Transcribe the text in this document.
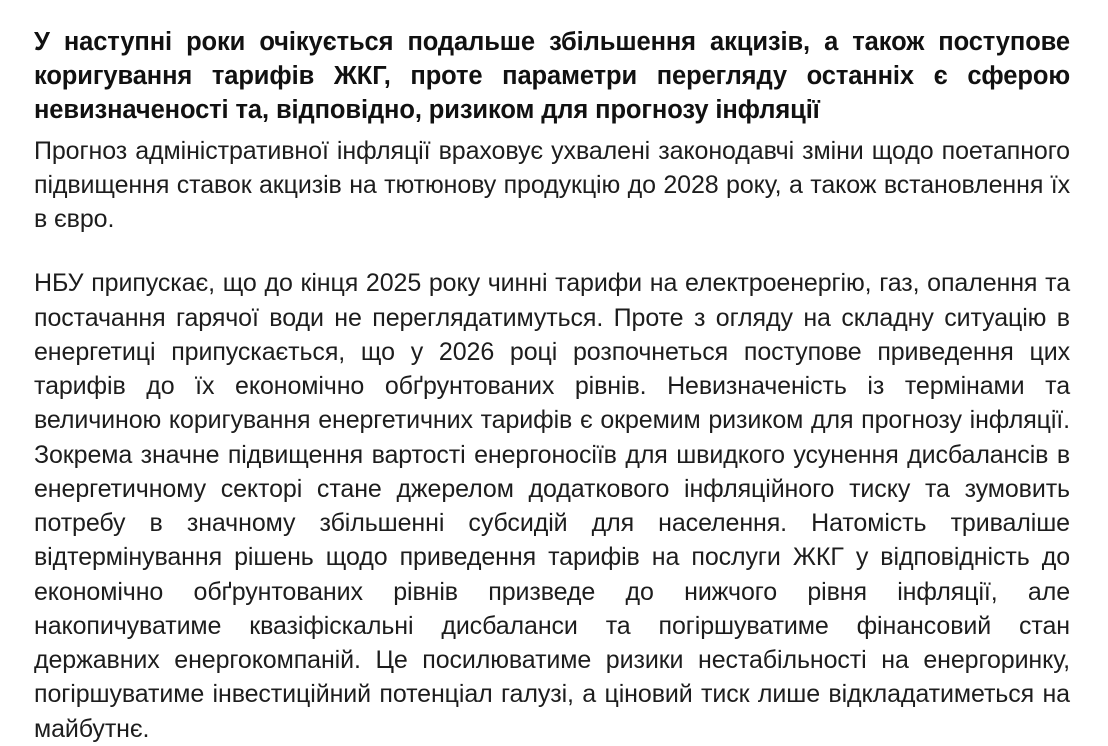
У наступні роки очікується подальше збільшення акцизів, а також поступове коригування тарифів ЖКГ, проте параметри перегляду останніх є сферою невизначеності та, відповідно, ризиком для прогнозу інфляції

Прогноз адміністративної інфляції враховує ухвалені законодавчі зміни щодо поетапного підвищення ставок акцизів на тютюнову продукцію до 2028 року, а також встановлення їх в євро.

НБУ припускає, що до кінця 2025 року чинні тарифи на електроенергію, газ, опалення та постачання гарячої води не переглядатимуться. Проте з огляду на складну ситуацію в енергетиці припускається, що у 2026 році розпочнеться поступове приведення цих тарифів до їх економічно обґрунтованих рівнів. Невизначеність із термінами та величиною коригування енергетичних тарифів є окремим ризиком для прогнозу інфляції. Зокрема значне підвищення вартості енергоносіїв для швидкого усунення дисбалансів в енергетичному секторі стане джерелом додаткового інфляційного тиску та зумовить потребу в значному збільшенні субсидій для населення. Натомість триваліше відтермінування рішень щодо приведення тарифів на послуги ЖКГ у відповідність до економічно обґрунтованих рівнів призведе до нижчого рівня інфляції, але накопичуватиме квазіфіскальні дисбаланси та погіршуватиме фінансовий стан державних енергокомпаній. Це посилюватиме ризики нестабільності на енергоринку, погіршуватиме інвестиційний потенціал галузі, а ціновий тиск лише відкладатиметься на майбутнє.
